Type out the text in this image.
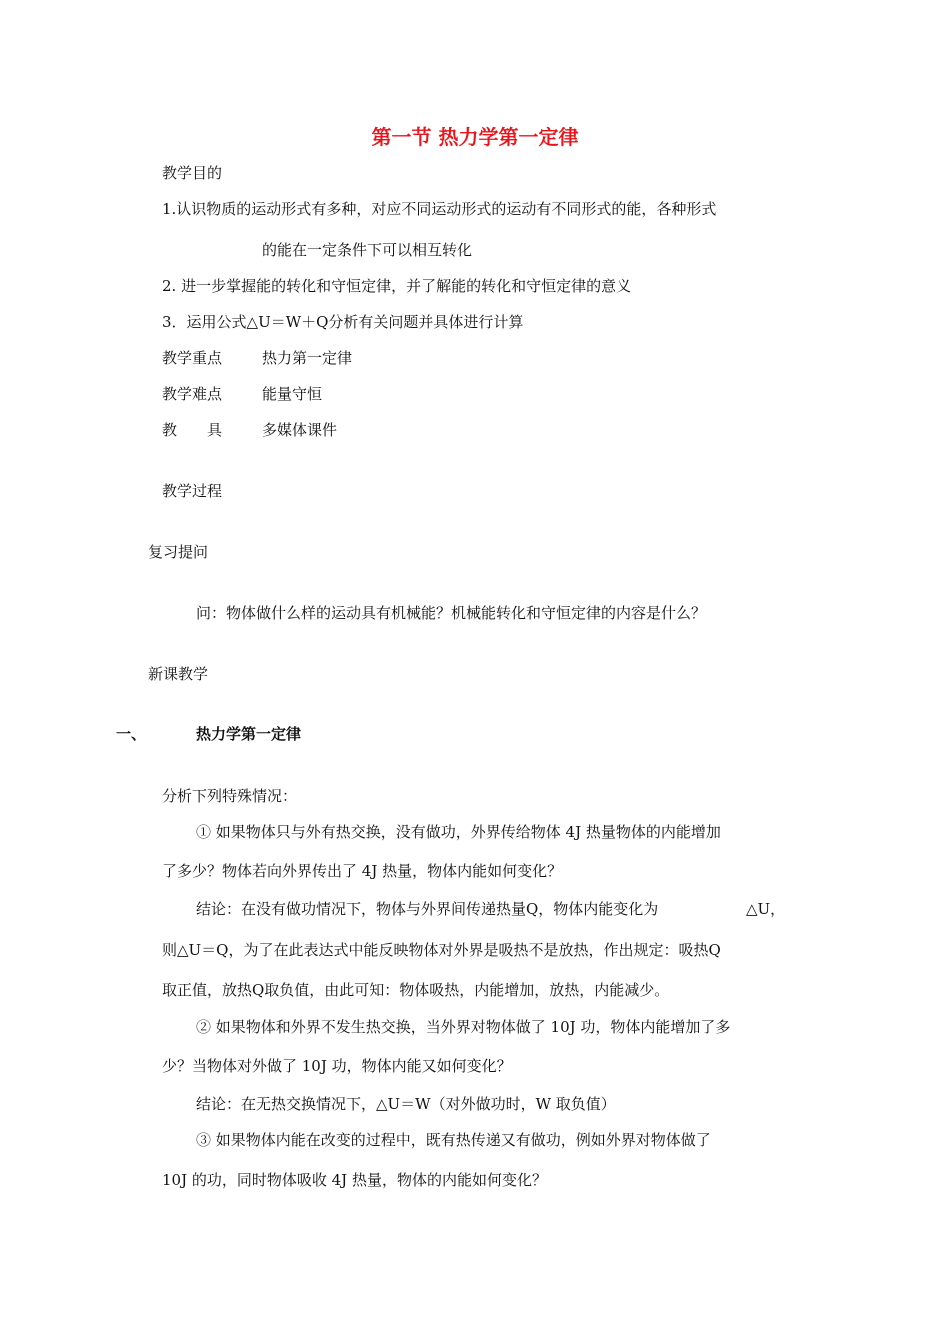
第一节 热力学第一定律
教学目的
1.认识物质的运动形式有多种，对应不同运动形式的运动有不同形式的能，各种形式
的能在一定条件下可以相互转化
2. 进一步掌握能的转化和守恒定律，并了解能的转化和守恒定律的意义
3．运用公式△U＝W＋Q分析有关问题并具体进行计算
教学重点	热力第一定律
教学难点	能量守恒
教　　具	多媒体课件
教学过程
复习提问
问：物体做什么样的运动具有机械能？机械能转化和守恒定律的内容是什么？
新课教学
一、	热力学第一定律
分析下列特殊情况：
① 如果物体只与外有热交换，没有做功，外界传给物体 4J 热量物体的内能增加
了多少？物体若向外界传出了 4J 热量，物体内能如何变化？
结论：在没有做功情况下，物体与外界间传递热量Q，物体内能变化为	△U，
则△U＝Q，为了在此表达式中能反映物体对外界是吸热不是放热，作出规定：吸热Q
取正值，放热Q取负值，由此可知：物体吸热，内能增加，放热，内能减少。
② 如果物体和外界不发生热交换，当外界对物体做了 10J 功，物体内能增加了多
少？当物体对外做了 10J 功，物体内能又如何变化？
结论：在无热交换情况下，△U＝W（对外做功时，W 取负值）
③ 如果物体内能在改变的过程中，既有热传递又有做功，例如外界对物体做了
10J 的功，同时物体吸收 4J 热量，物体的内能如何变化？
